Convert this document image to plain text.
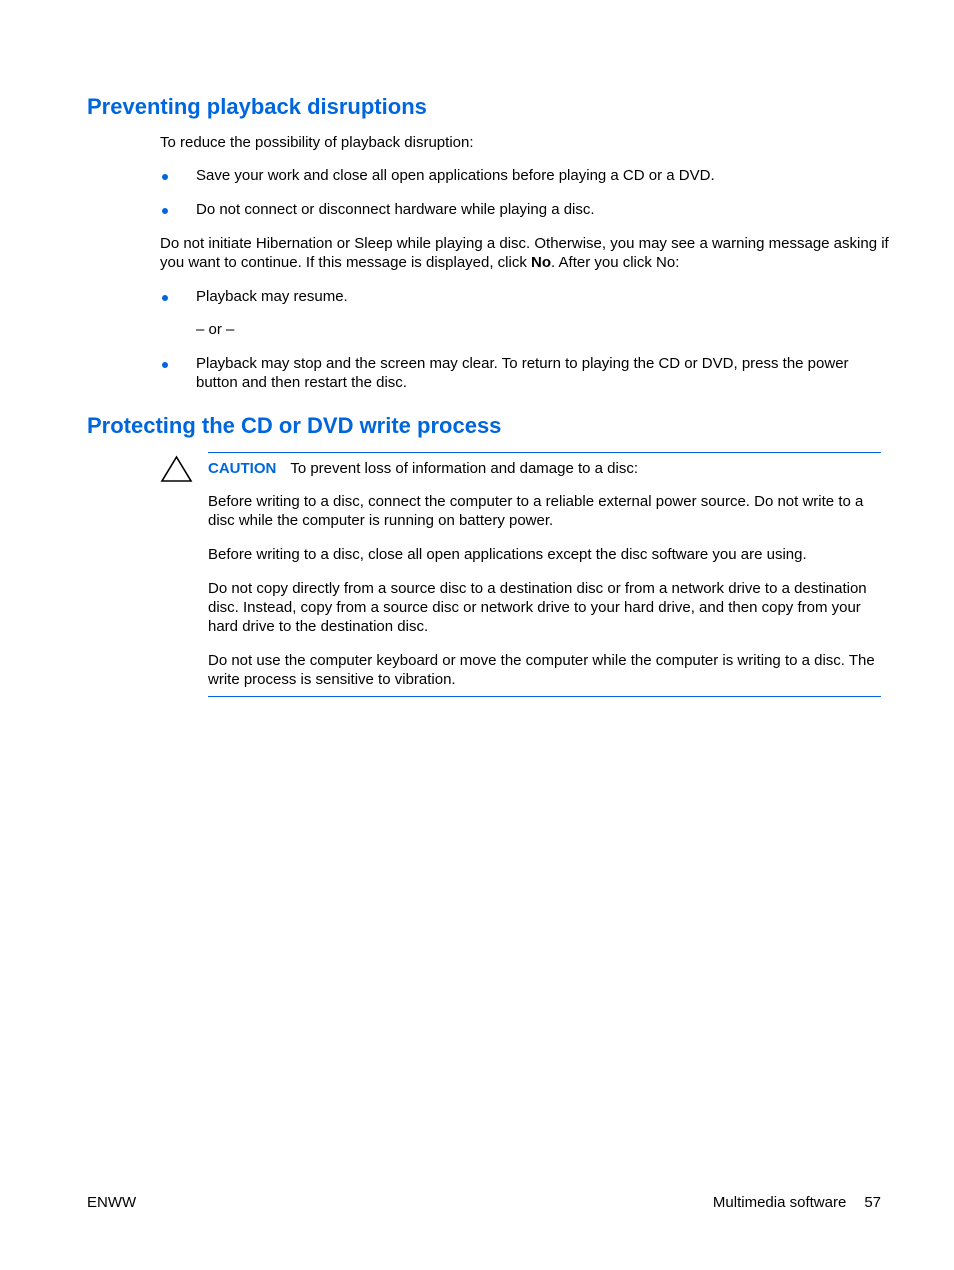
Preventing playback disruptions

To reduce the possibility of playback disruption:

Save your work and close all open applications before playing a CD or a DVD.
Do not connect or disconnect hardware while playing a disc.

Do not initiate Hibernation or Sleep while playing a disc. Otherwise, you may see a warning message asking if you want to continue. If this message is displayed, click No. After you click No:

Playback may resume.
– or –
Playback may stop and the screen may clear. To return to playing the CD or DVD, press the power button and then restart the disc.
Protecting the CD or DVD write process
CAUTION To prevent loss of information and damage to a disc:

Before writing to a disc, connect the computer to a reliable external power source. Do not write to a disc while the computer is running on battery power.

Before writing to a disc, close all open applications except the disc software you are using.

Do not copy directly from a source disc to a destination disc or from a network drive to a destination disc. Instead, copy from a source disc or network drive to your hard drive, and then copy from your hard drive to the destination disc.

Do not use the computer keyboard or move the computer while the computer is writing to a disc. The write process is sensitive to vibration.

ENWW	Multimedia software 57
